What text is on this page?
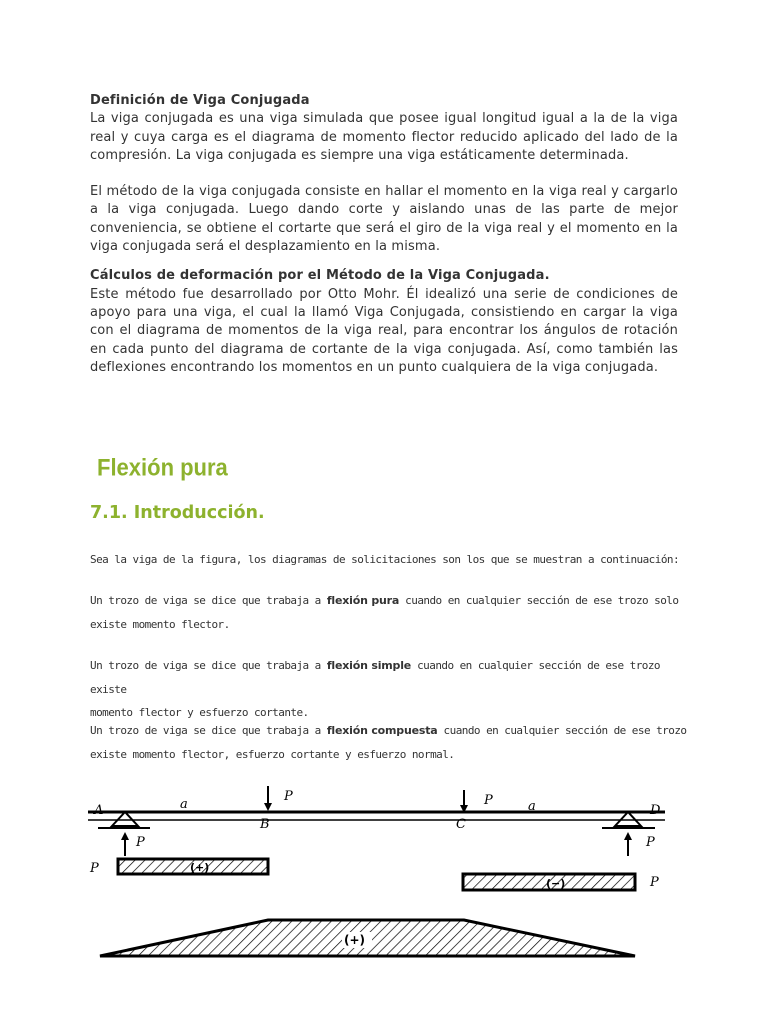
Definición de Viga Conjugada
La viga conjugada es una viga simulada que posee igual longitud igual a la de la viga real y cuya carga es el diagrama de momento flector reducido aplicado del lado de la compresión. La viga conjugada es siempre una viga estáticamente determinada.
El método de la viga conjugada consiste en hallar el momento en la viga real y cargarlo a la viga conjugada. Luego dando corte y aislando unas de las parte de mejor conveniencia, se obtiene el cortarte que será el giro de la viga real y el momento en la viga conjugada será el desplazamiento en la misma.
Cálculos de deformación por el Método de la Viga Conjugada.
Este método fue desarrollado por Otto Mohr. Él idealizó una serie de condiciones de apoyo para una viga, el cual la llamó Viga Conjugada, consistiendo en cargar la viga con el diagrama de momentos de la viga real, para encontrar los ángulos de rotación en cada punto del diagrama de cortante de la viga conjugada. Así, como también las deflexiones encontrando los momentos en un punto cualquiera de la viga conjugada.
Flexión pura
7.1. Introducción.
Sea la viga de la figura, los diagramas de solicitaciones son los que se muestran a continuación:
Un trozo de viga se dice que trabaja a flexión pura cuando en cualquier sección de ese trozo solo
existe momento flector.
Un trozo de viga se dice que trabaja a flexión simple cuando en cualquier sección de ese trozo existe
momento flector y esfuerzo cortante.
Un trozo de viga se dice que trabaja a flexión compuesta cuando en cualquier sección de ese trozo
existe momento flector, esfuerzo cortante y esfuerzo normal.
A
B	C
D
P	P
a	a
P	P
P
P
(+)
(−)
(+)
